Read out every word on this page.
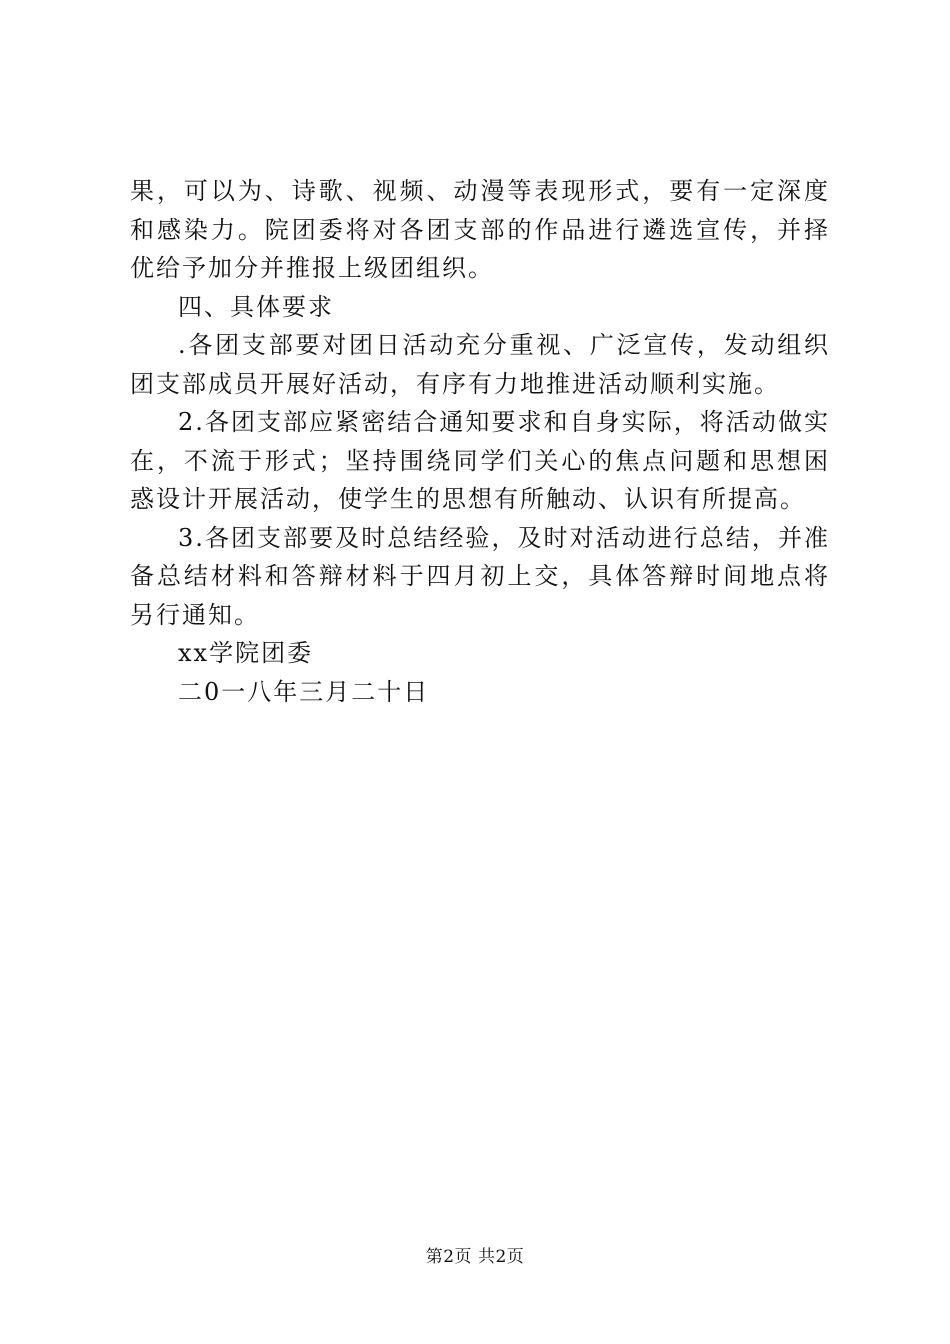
果，可以为、诗歌、视频、动漫等表现形式，要有一定深度和感染力。院团委将对各团支部的作品进行遴选宣传，并择优给予加分并推报上级团组织。

四、具体要求

.各团支部要对团日活动充分重视、广泛宣传，发动组织团支部成员开展好活动，有序有力地推进活动顺利实施。

2.各团支部应紧密结合通知要求和自身实际，将活动做实在，不流于形式；坚持围绕同学们关心的焦点问题和思想困惑设计开展活动，使学生的思想有所触动、认识有所提高。

3.各团支部要及时总结经验，及时对活动进行总结，并准备总结材料和答辩材料于四月初上交，具体答辩时间地点将另行通知。

xx学院团委

二0一八年三月二十日

第2页 共2页
